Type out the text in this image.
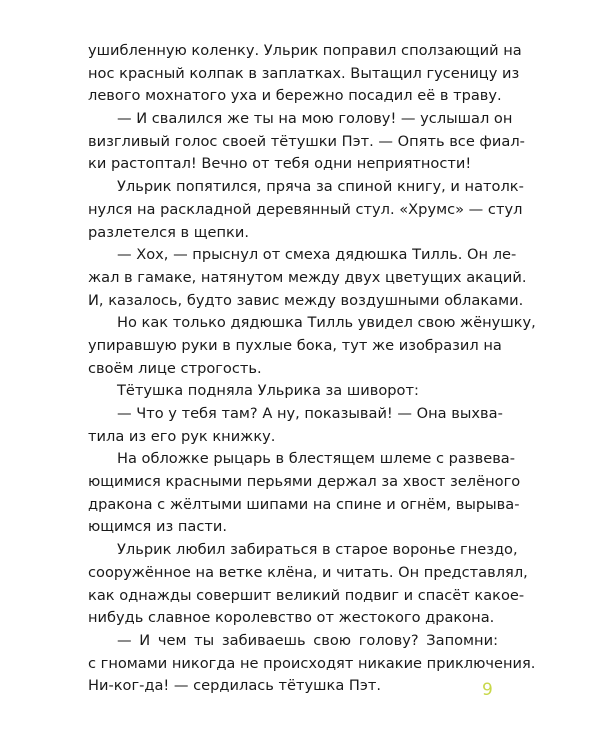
ушибленную коленку. Ульрик поправил сползающий на
нос красный колпак в заплатках. Вытащил гусеницу из
левого мохнатого уха и бережно посадил её в траву.
— И свалился же ты на мою голову! — услышал он
визгливый голос своей тётушки Пэт. — Опять все фиал-
ки растоптал! Вечно от тебя одни неприятности!
Ульрик попятился, пряча за спиной книгу, и натолк-
нулся на раскладной деревянный стул. «Хрумс» — стул
разлетелся в щепки.
— Хох, — прыснул от смеха дядюшка Тилль. Он ле-
жал в гамаке, натянутом между двух цветущих акаций.
И, казалось, будто завис между воздушными облаками.
Но как только дядюшка Тилль увидел свою жёнушку,
упиравшую руки в пухлые бока, тут же изобразил на
своём лице строгость.
Тётушка подняла Ульрика за шиворот:
— Что у тебя там? А ну, показывай! — Она выхва-
тила из его рук книжку.
На обложке рыцарь в блестящем шлеме с развева-
ющимися красными перьями держал за хвост зелёного
дракона с жёлтыми шипами на спине и огнём, вырыва-
ющимся из пасти.
Ульрик любил забираться в старое воронье гнездо,
сооружённое на ветке клёна, и читать. Он представлял,
как однажды совершит великий подвиг и спасёт какое-
нибудь славное королевство от жестокого дракона.
— И чем ты забиваешь свою голову? Запомни:
с гномами никогда не происходят никакие приключения.
Ни-ког-да! — сердилась тётушка Пэт.	9
